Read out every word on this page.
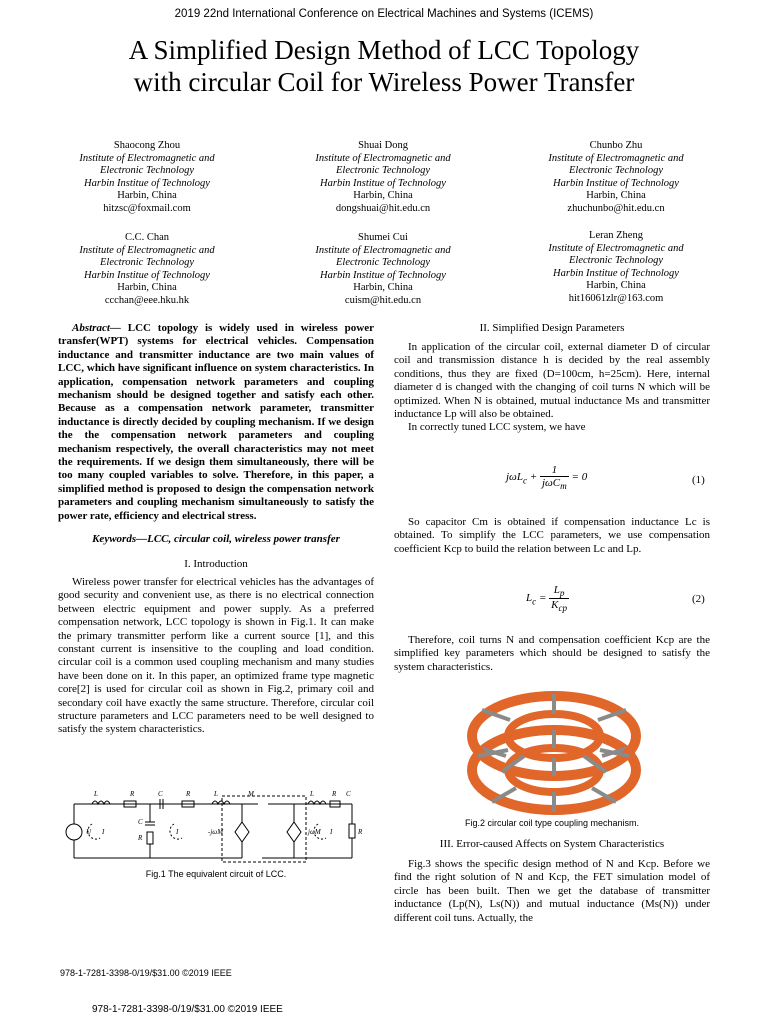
2019 22nd International Conference on Electrical Machines and Systems (ICEMS)
A Simplified Design Method of LCC Topology
with circular Coil for Wireless Power Transfer
Shaocong Zhou
Institute of Electromagnetic and
Electronic Technology
Harbin Institue of Technology
Harbin, China
hitzsc@foxmail.com
Shuai Dong
Institute of Electromagnetic and
Electronic Technology
Harbin Institue of Technology
Harbin, China
dongshuai@hit.edu.cn
Chunbo Zhu
Institute of Electromagnetic and
Electronic Technology
Harbin Institue of Technology
Harbin, China
zhuchunbo@hit.edu.cn
C.C. Chan
Institute of Electromagnetic and
Electronic Technology
Harbin Institue of Technology
Harbin, China
ccchan@eee.hku.hk
Shumei Cui
Institute of Electromagnetic and
Electronic Technology
Harbin Institue of Technology
Harbin, China
cuism@hit.edu.cn
Leran Zheng
Institute of Electromagnetic and
Electronic Technology
Harbin Institue of Technology
Harbin, China
hit16061zlr@163.com
Abstract— LCC topology is widely used in wireless power transfer(WPT) systems for electrical vehicles. Compensation inductance and transmitter inductance are two main values of LCC, which have significant influence on system characteristics. In application, compensation network parameters and coupling mechanism should be designed together and satisfy each other. Because as a compensation network parameter, transmitter inductance is directly decided by coupling mechanism. If we design the the compensation network parameters and coupling mechanism respectively, the overall characteristics may not meet the requirements. If we design them simultaneously, there will be too many coupled variables to solve. Therefore, in this paper, a simplified method is proposed to design the compensation network parameters and coupling mechanism simultaneously to satisfy the power rate, efficiency and electrical stress.
Keywords—LCC, circular coil, wireless power transfer
I. Introduction

Wireless power transfer for electrical vehicles has the advantages of good security and convenient use, as there is no electrical connection between electric equipment and power supply. As a preferred compensation network, LCC topology is shown in Fig.1. It can make the primary transmitter perform like a current source [1], and this constant current is insensitive to the coupling and load condition. circular coil is a common used coupling mechanism and many studies have been done on it. In this paper, an optimized frame type magnetic core[2] is used for circular coil as shown in Fig.2, primary coil and secondary coil have exactly the same structure. Therefore, circular coil structure parameters and LCC parameters need to be well designed to satisfy the system characteristics.

L	R	C	R	L	M	L	R C
C
R
U I	I	-jωM	jωM I	R
Fig.1 The equivalent circuit of LCC.
II. Simplified Design Parameters

In application of the circular coil, external diameter D of circular coil and transmission distance h is decided by the real assembly conditions, thus they are fixed (D=100cm, h=25cm). Here, internal diameter d is changed with the changing of coil turns N which will be optimized. When N is obtained, mutual inductance Ms and transmitter inductance Lp will also be obtained.

In correctly tuned LCC system, we have

$j\omega L_c + \frac{1}{j\omega C_m} = 0$	(1)

So capacitor Cm is obtained if compensation inductance Lc is obtained. To simplify the LCC parameters, we use compensation coefficient Kcp to build the relation between Lc and Lp.

$L_c = \frac{L_p}{K_{cp}}$	(2)

Therefore, coil turns N and compensation coefficient Kcp are the simplified key parameters which should be designed to satisfy the system characteristics.

Fig.2 circular coil type coupling mechanism.
III. Error-caused Affects on System Characteristics

Fig.3 shows the specific design method of N and Kcp. Before we find the right solution of N and Kcp, the FET simulation model of circle has been built. Then we get the database of transmitter inductance (Lp(N), Ls(N)) and mutual inductance (Ms(N)) under different coil tuns. Actually, the

978-1-7281-3398-0/19/$31.00 ©2019 IEEE
978-1-7281-3398-0/19/$31.00 ©2019 IEEE
